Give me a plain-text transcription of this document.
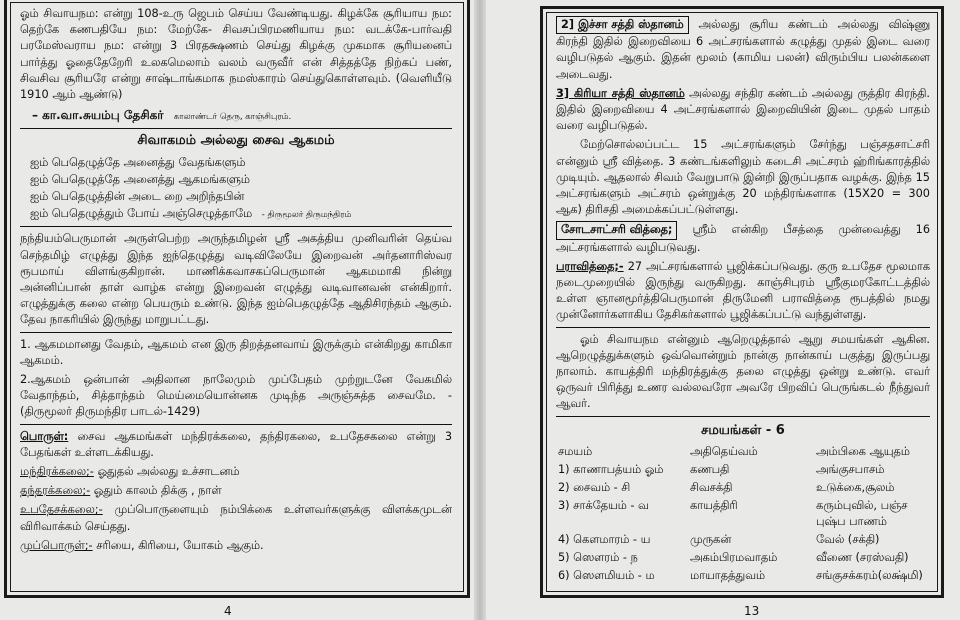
ஓம் சிவாயநம: என்று 108-உரு ஜெபம் செய்ய வேண்டியது. கிழக்கே சூரியாய நம: தெற்கே கணபதியே நம: மேற்கே- சிவசப்பிரமணியாய நம: வடக்கே-பார்வதி பரமேஸ்வராய நம: என்று 3 பிரதக்ஷணம் செய்து கிழக்கு முகமாக சூரியனைப் பார்த்து ஓதைதேறேரி உலகமெலாம் வலம் வருவீர் என் சித்தத்தே நிற்கப் பண், சிவசிவ சூரியரே என்று சாஷ்டாங்கமாக நமஸ்காரம் செய்துகொள்ளவும். (வெளியீடு 1910 ஆம் ஆண்டு)

– கா.வா.சுயம்பு தேசிகர் காலாண்டர் தெரு, காஞ்சிபுரம்.
சிவாகமம் அல்லது சைவ ஆகமம்
ஐம் பெதெழுத்தே அனைத்து வேதங்களும்
ஐம் பெதெழுத்தே அனைத்து ஆகமங்களும்
ஐம் பெதெழுத்தின் அடை றை அறிந்தபின்
ஐம் பெதெழுத்தும் போய் அஞ்செழுத்தாமே - திருமூலர் திருமந்திரம்

நந்தியம்பெருமான் அருள்பெற்ற அருந்தமிழன் ஸ்ரீ அகத்திய முனிவரின் தெய்வ செந்தமிழ் எழுத்து இந்த ஐந்தெழுத்து வடிவிலேயே இறைவன் அர்தனாரிஸ்வர ரூபமாய் விளங்குகிறான். மாணிக்கவாசகப்பெருமான் ஆகமமாகி நின்று அன்னிப்பான் தாள் வாழ்க என்று இறைவன் எழுத்து வடிவானவன் என்கிறார். எழுத்துக்கு கலை என்ற பெயரும் உண்டு. இந்த ஐம்பெதழுத்தே ஆதிசிரந்தம் ஆகும். தேவ நாகரியில் இருந்து மாறுபட்டது.

1. ஆகமமானது வேதம், ஆகமம் என இரு திறத்தனவாய் இருக்கும் என்கிறது காமிகா ஆகமம்.

2.ஆகமம் ஒன்பான் அதிலான நாலேமும் முப்பேதம் முற்றுடனே வேகமில் வேதாந்தம், சித்தாந்தம் மெய்மையொன்னக முடிந்த அருஞ்சுத்த சைவமே. - (திருமூலர் திருமந்திர பாடல்-1429)

பொருள்: சைவ ஆகமங்கள் மந்திரக்கலை, தந்திரகலை, உபதேசகலை என்று 3 பேதங்கள் உள்ளடக்கியது.

மந்திரக்கலை;- ஓதுதல் அல்லது உச்சாடனம்

தந்தரக்கலை;- ஓதும் காலம் திக்கு , நாள்

உபதேசக்கலை;- முப்பொருளையும் நம்பிக்கை உள்ளவர்களுக்கு விளக்கமுடன் விரிவாக்கம் செய்தது.

முப்பொருள்;- சரியை, கிரியை, யோகம் ஆகும்.

4

2] இச்சா சத்தி ஸ்தானம் அல்லது சூரிய கண்டம் அல்லது விஷ்ணு கிரந்தி இதில் இறைவியை 6 அட்சரங்களால் கழுத்து முதல் இடை வரை வழிபடுதல் ஆகும். இதன் மூலம் (காமிய பலன்) விரும்பிய பலன்களை அடைவது.

3] கிரியா சத்தி ஸ்தானம் அல்லது சந்திர கண்டம் அல்லது ருத்திர கிரந்தி. இதில் இறைவியை 4 அட்சரங்களால் இறைவியின் இடை முதல் பாதம் வரை வழிபடுதல்.

மேற்சொல்லப்பட்ட 15 அட்சரங்களும் சேர்ந்து பஞ்சதசாட்சரி என்னும் ஸ்ரீ வித்தை. 3 கண்டங்களிலும் கடைசி அட்சரம் ஹ்ரிங்காரத்தில் முடியும். ஆதலால் சிவம் வேறுபாடு இன்றி இருப்பதாக வழக்கு. இந்த 15 அட்சரங்களும் அட்சரம் ஒன்றுக்கு 20 மந்திரங்களாக (15X20 = 300 ஆக) திரிசதி அமைக்கப்பட்டுள்ளது.

சோடசாட்சரி வித்தை; ஸ்ரீம் என்கிற பீசத்தை முன்வைத்து 16 அட்சரங்களால் வழிபடுவது.

பராவித்தை;- 27 அட்சரங்களால் பூஜிக்கப்படுவது. குரு உபதேச மூலமாக நடைமுறையில் இருந்து வருகிறது. காஞ்சிபுரம் ஸ்ரீகுமரகோட்டத்தில் உள்ள ஞானமூர்த்திபெருமான் திருமேனி பராவித்தை ரூபத்தில் நமது முன்னோர்களாகிய தேசிகர்களால் பூஜிக்கப்பட்டு வந்துள்ளது.

ஓம் சிவாயநம என்னும் ஆறெழுத்தால் ஆறு சமயங்கள் ஆகின. ஆறெழுத்துக்களும் ஒவ்வொன்றும் நான்கு நான்காய் பகுத்து இருப்பது நாலாம். காயத்திரி மந்திரத்துக்கு தலை எழுத்து ஒன்று உண்டு. எவர் ஒருவர் பிரித்து உணர வல்லவரோ அவரே பிறவிப் பெருங்கடல் நீந்துவர் ஆவர்.

சமயங்கள் - 6
சமயம்	அதிதெய்வம்	அம்பிகை ஆயுதம்
1) காணாபத்யம் ஓம்	கணபதி	அங்குசபாசம்
2) சைவம் - சி	சிவசக்தி	உடுக்கை,சூலம்
3) சாக்தேயம் - வ	காயத்திரி	கரும்புவில், பஞ்ச புஷ்ப பாணம்
4) கௌமாரம் - ய	முருகன்	வேல் (சக்தி)
5) ஸௌரம் - ந	அகம்பிரமவாதம்	வீணை (சரஸ்வதி)
6) ஸௌமியம் - ம	மாயாதத்துவம்	சங்குசக்கரம்(லக்ஷ்மி)
13
